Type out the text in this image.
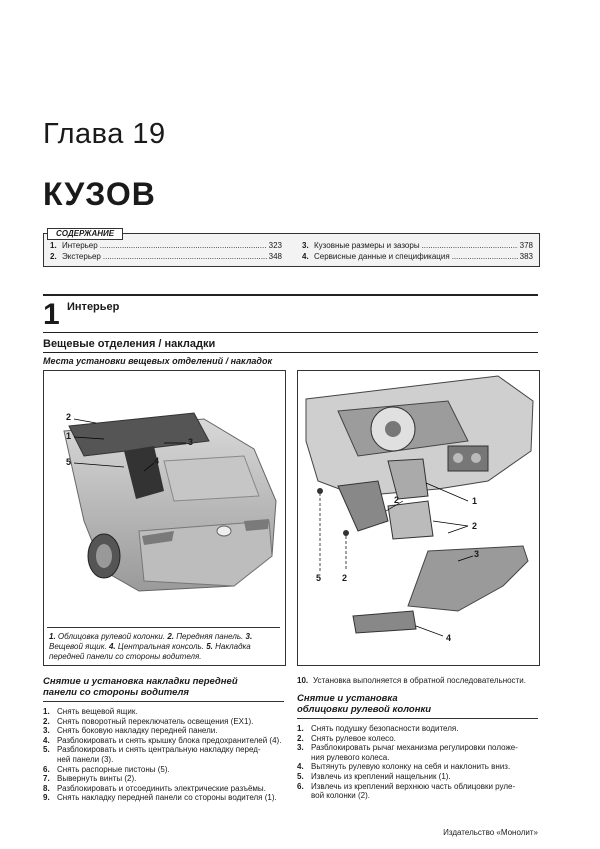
Глава 19
КУЗОВ
1. Интерьер .....	323
2. Экстерьер .....	348
3. Кузовные размеры и зазоры .....	378
4. Сервисные данные и спецификация .....	383
СОДЕРЖАНИЕ
1 Интерьер
Вещевые отделения / накладки
Места установки вещевых отделений / накладок
2
1
5
3
4
1. Облицовка рулевой колонки. 2. Передняя панель. 3. Вещевой ящик. 4. Центральная консоль. 5. Накладка передней панели со стороны водителя.
1
2
2
3
5 2
4
Снятие и установка накладки передней
панели со стороны водителя
1. Снять вещевой ящик.
2. Снять поворотный переключатель освещения (EX1).
3. Снять боковую накладку передней панели.
4. Разблокировать и снять крышку блока предохранителей (4).
5. Разблокировать и снять центральную накладку перед-
ней панели (3).
6. Снять распорные пистоны (5).
7. Вывернуть винты (2).
8. Разблокировать и отсоединить электрические разъёмы.
9. Снять накладку передней панели со стороны водителя (1).
10. Установка выполняется в обратной последовательности.
Снятие и установка
облицовки рулевой колонки
1. Снять подушку безопасности водителя.
2. Снять рулевое колесо.
3. Разблокировать рычаг механизма регулировки положе-
ния рулевого колеса.
4. Вытянуть рулевую колонку на себя и наклонить вниз.
5. Извлечь из креплений нащельник (1).
6. Извлечь из креплений верхнюю часть облицовки руле-
вой колонки (2).
Издательство «Монолит»
